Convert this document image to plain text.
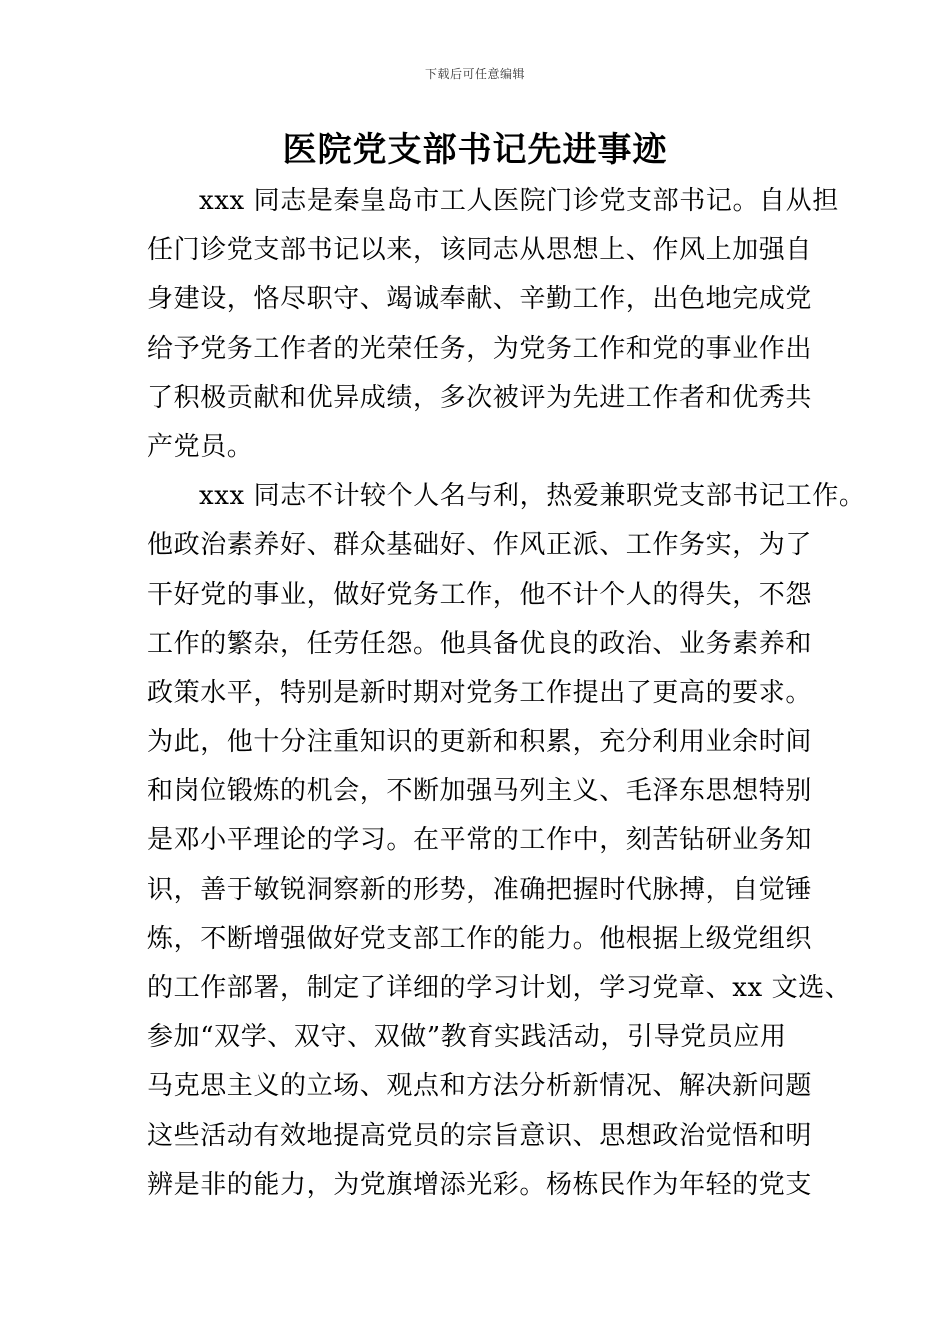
下载后可任意编辑
医院党支部书记先进事迹
xxx 同志是秦皇岛市工人医院门诊党支部书记。自从担
任门诊党支部书记以来，该同志从思想上、作风上加强自
身建设，恪尽职守、竭诚奉献、辛勤工作，出色地完成党
给予党务工作者的光荣任务，为党务工作和党的事业作出
了积极贡献和优异成绩，多次被评为先进工作者和优秀共
产党员。
xxx 同志不计较个人名与利，热爱兼职党支部书记工作。
他政治素养好、群众基础好、作风正派、工作务实，为了
干好党的事业，做好党务工作，他不计个人的得失，不怨
工作的繁杂，任劳任怨。他具备优良的政治、业务素养和
政策水平，特别是新时期对党务工作提出了更高的要求。
为此，他十分注重知识的更新和积累，充分利用业余时间
和岗位锻炼的机会，不断加强马列主义、毛泽东思想特别
是邓小平理论的学习。在平常的工作中，刻苦钻研业务知
识，善于敏锐洞察新的形势，准确把握时代脉搏，自觉锤
炼，不断增强做好党支部工作的能力。他根据上级党组织
的工作部署，制定了详细的学习计划，学习党章、xx 文选、
参加“双学、双守、双做”教育实践活动，引导党员应用
马克思主义的立场、观点和方法分析新情况、解决新问题
这些活动有效地提高党员的宗旨意识、思想政治觉悟和明
辨是非的能力，为党旗增添光彩。杨栋民作为年轻的党支
